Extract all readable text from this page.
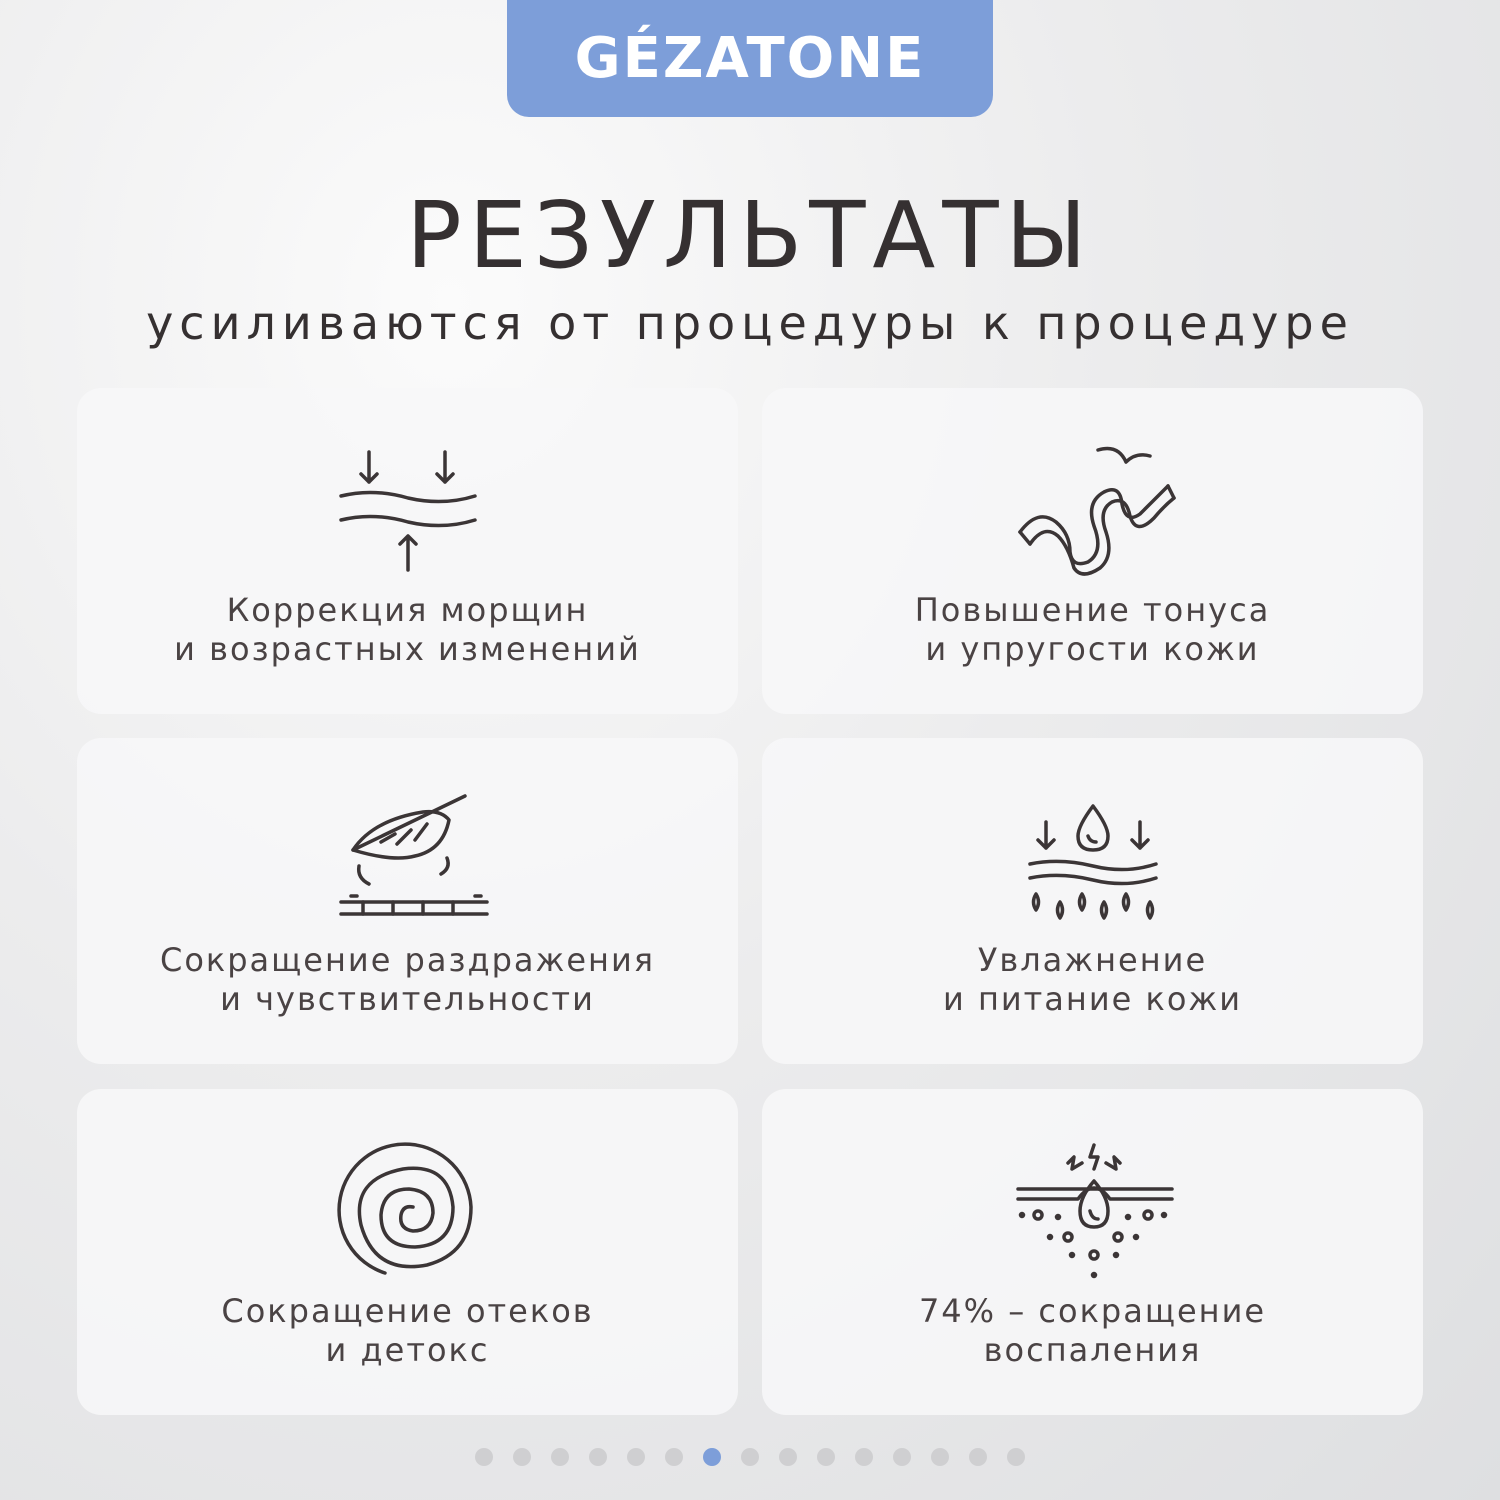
GÉZATONE
РЕЗУЛЬТАТЫ
усиливаются от процедуры к процедуре
Коррекция морщин
и возрастных изменений
Повышение тонуса
и упругости кожи
Сокращение раздражения
и чувствительности
Увлажнение
и питание кожи
Сокращение отеков
и детокс
74% – сокращение
воспаления
